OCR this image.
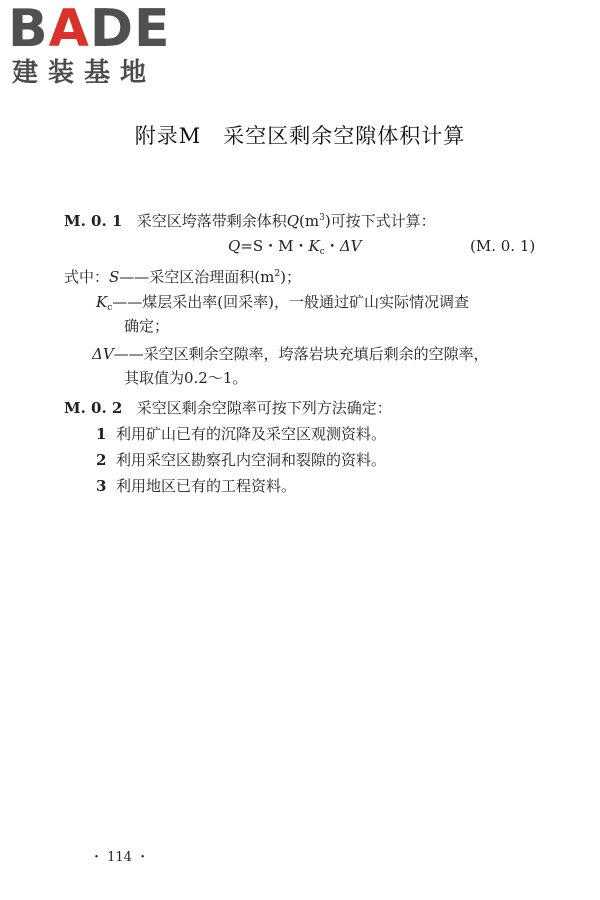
BADE
建装基地
附录M　采空区剩余空隙体积计算
M. 0. 1 采空区垮落带剩余体积$Q(m^3)$可按下式计算：
Q=S・M・$K_c$・ΔV	(M. 0. 1)
式中：S——采空区治理面积$(m^2)$；
$K_c——$煤层采出率(回采率)，一般通过矿山实际情况调查
确定；
ΔV——采空区剩余空隙率，垮落岩块充填后剩余的空隙率，
其取值为0.2～1。
M. 0. 2 采空区剩余空隙率可按下列方法确定：
1 利用矿山已有的沉降及采空区观测资料。
2 利用采空区勘察孔内空洞和裂隙的资料。
3 利用地区已有的工程资料。
・ 114 ・
